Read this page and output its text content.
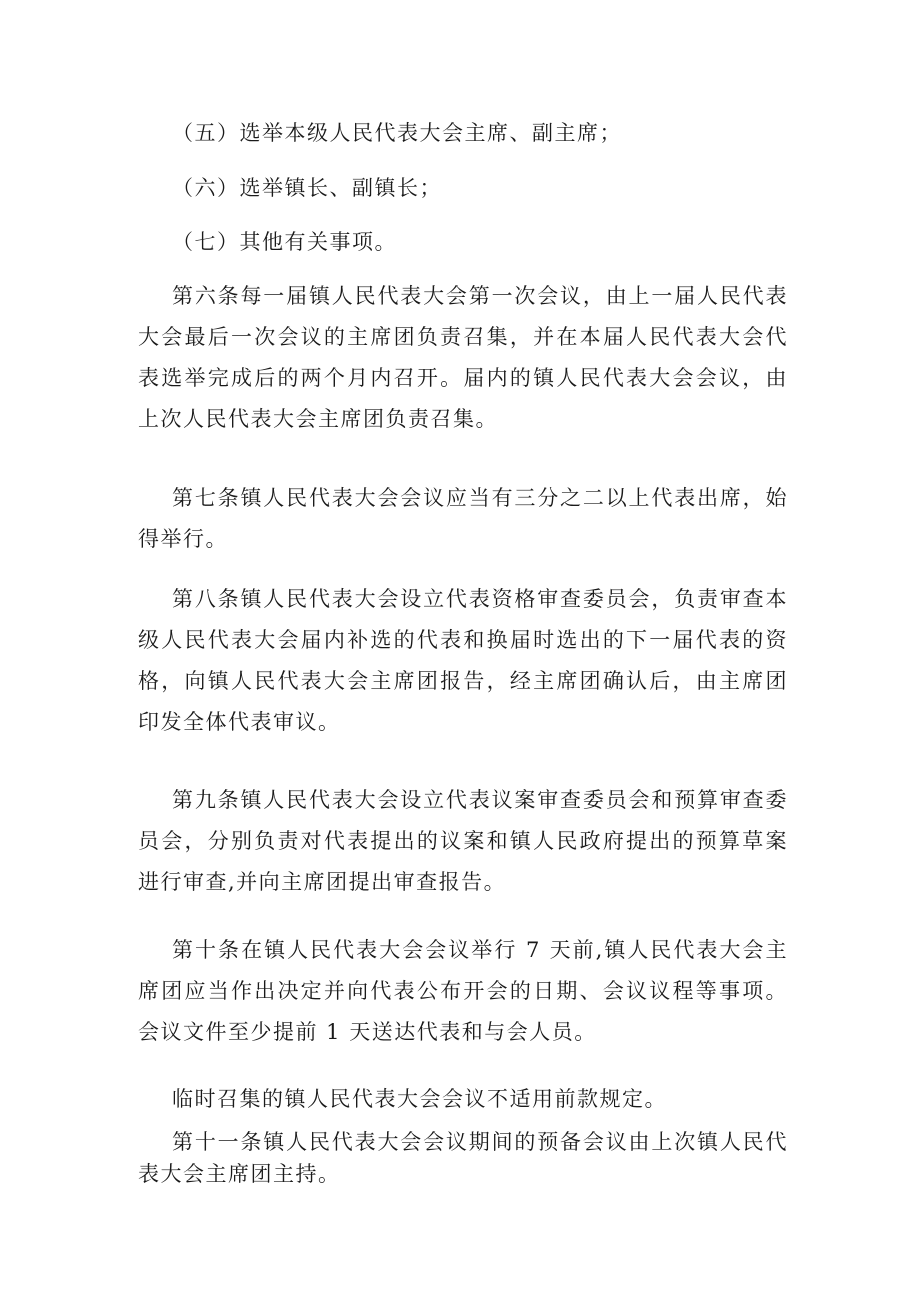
（五）选举本级人民代表大会主席、副主席；

（六）选举镇长、副镇长；

（七）其他有关事项。

第六条每一届镇人民代表大会第一次会议，由上一届人民代表大会最后一次会议的主席团负责召集，并在本届人民代表大会代表选举完成后的两个月内召开。届内的镇人民代表大会会议，由上次人民代表大会主席团负责召集。

第七条镇人民代表大会会议应当有三分之二以上代表出席，始得举行。

第八条镇人民代表大会设立代表资格审查委员会，负责审查本级人民代表大会届内补选的代表和换届时选出的下一届代表的资格，向镇人民代表大会主席团报告，经主席团确认后，由主席团印发全体代表审议。

第九条镇人民代表大会设立代表议案审查委员会和预算审查委员会，分别负责对代表提出的议案和镇人民政府提出的预算草案进行审查,并向主席团提出审查报告。

第十条在镇人民代表大会会议举行 7 天前,镇人民代表大会主席团应当作出决定并向代表公布开会的日期、会议议程等事项。会议文件至少提前 1 天送达代表和与会人员。

临时召集的镇人民代表大会会议不适用前款规定。

第十一条镇人民代表大会会议期间的预备会议由上次镇人民代表大会主席团主持。
